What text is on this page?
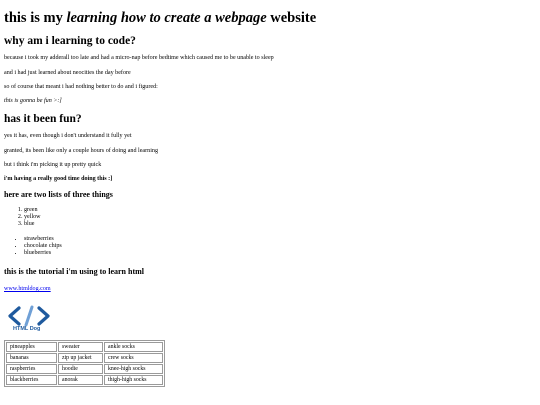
this is my learning how to create a webpage website
why am i learning to code?

because i took my adderall too late and had a micro-nap before bedtime which caused me to be unable to sleep

and i had just learned about neocities the day before

so of course that meant i had nothing better to do and i figured:

this is gonna be fun >:]

has it been fun?

yes it has, even though i don't understand it fully yet

granted, its been like only a couple hours of doing and learning

but i think i'm picking it up pretty quick

i'm having a really good time doing this :]

here are two lists of three things
1. green
2. yellow
3. blue
• strawberries
• chocolate chips
• blueberries
this is the tutorial i'm using to learn html
www.htmldog.com
HTML Dog
pineapples	sweater	ankle socks
bananas	zip up jacket	crew socks
raspberries	hoodie	knee-high socks
blackberries	anorak	thigh-high socks
